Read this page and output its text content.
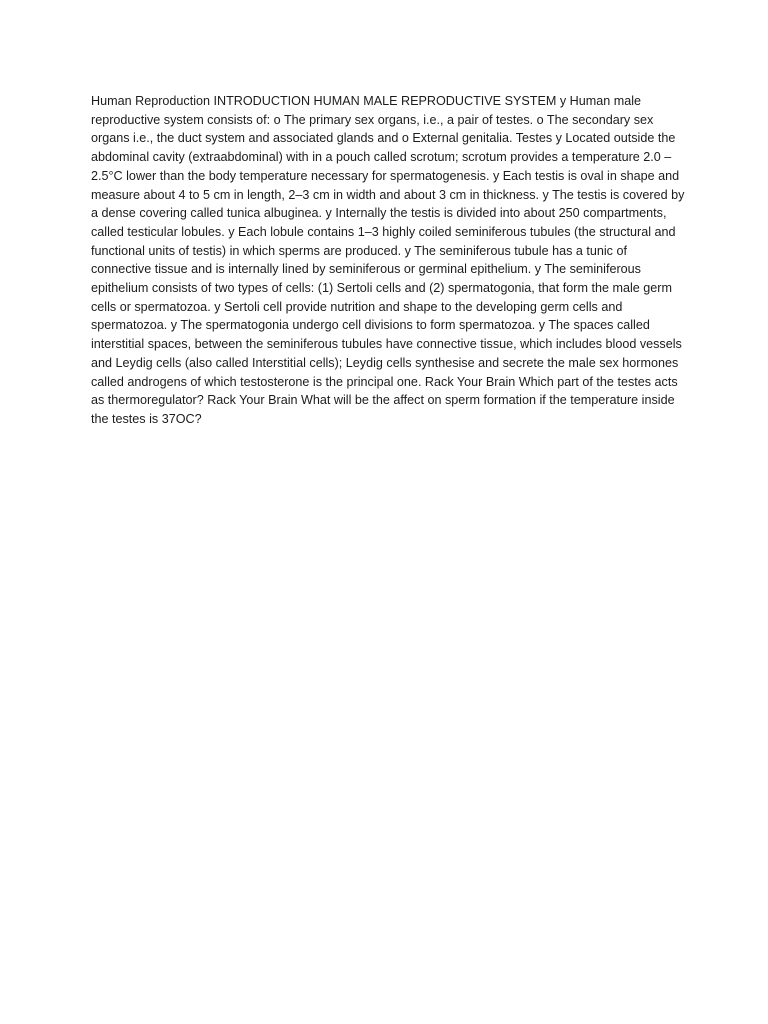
Human Reproduction INTRODUCTION HUMAN MALE REPRODUCTIVE SYSTEM y Human male reproductive system consists of: o The primary sex organs, i.e., a pair of testes. o The secondary sex organs i.e., the duct system and associated glands and o External genitalia. Testes y Located outside the abdominal cavity (extraabdominal) with in a pouch called scrotum; scrotum provides a temperature 2.0 – 2.5°C lower than the body temperature necessary for spermatogenesis. y Each testis is oval in shape and measure about 4 to 5 cm in length, 2–3 cm in width and about 3 cm in thickness. y The testis is covered by a dense covering called tunica albuginea. y Internally the testis is divided into about 250 compartments, called testicular lobules. y Each lobule contains 1–3 highly coiled seminiferous tubules (the structural and functional units of testis) in which sperms are produced. y The seminiferous tubule has a tunic of connective tissue and is internally lined by seminiferous or germinal epithelium. y The seminiferous epithelium consists of two types of cells: (1) Sertoli cells and (2) spermatogonia, that form the male germ cells or spermatozoa. y Sertoli cell provide nutrition and shape to the developing germ cells and spermatozoa. y The spermatogonia undergo cell divisions to form spermatozoa. y The spaces called interstitial spaces, between the seminiferous tubules have connective tissue, which includes blood vessels and Leydig cells (also called Interstitial cells); Leydig cells synthesise and secrete the male sex hormones called androgens of which testosterone is the principal one. Rack Your Brain Which part of the testes acts as thermoregulator? Rack Your Brain What will be the affect on sperm formation if the temperature inside the testes is 37OC?
